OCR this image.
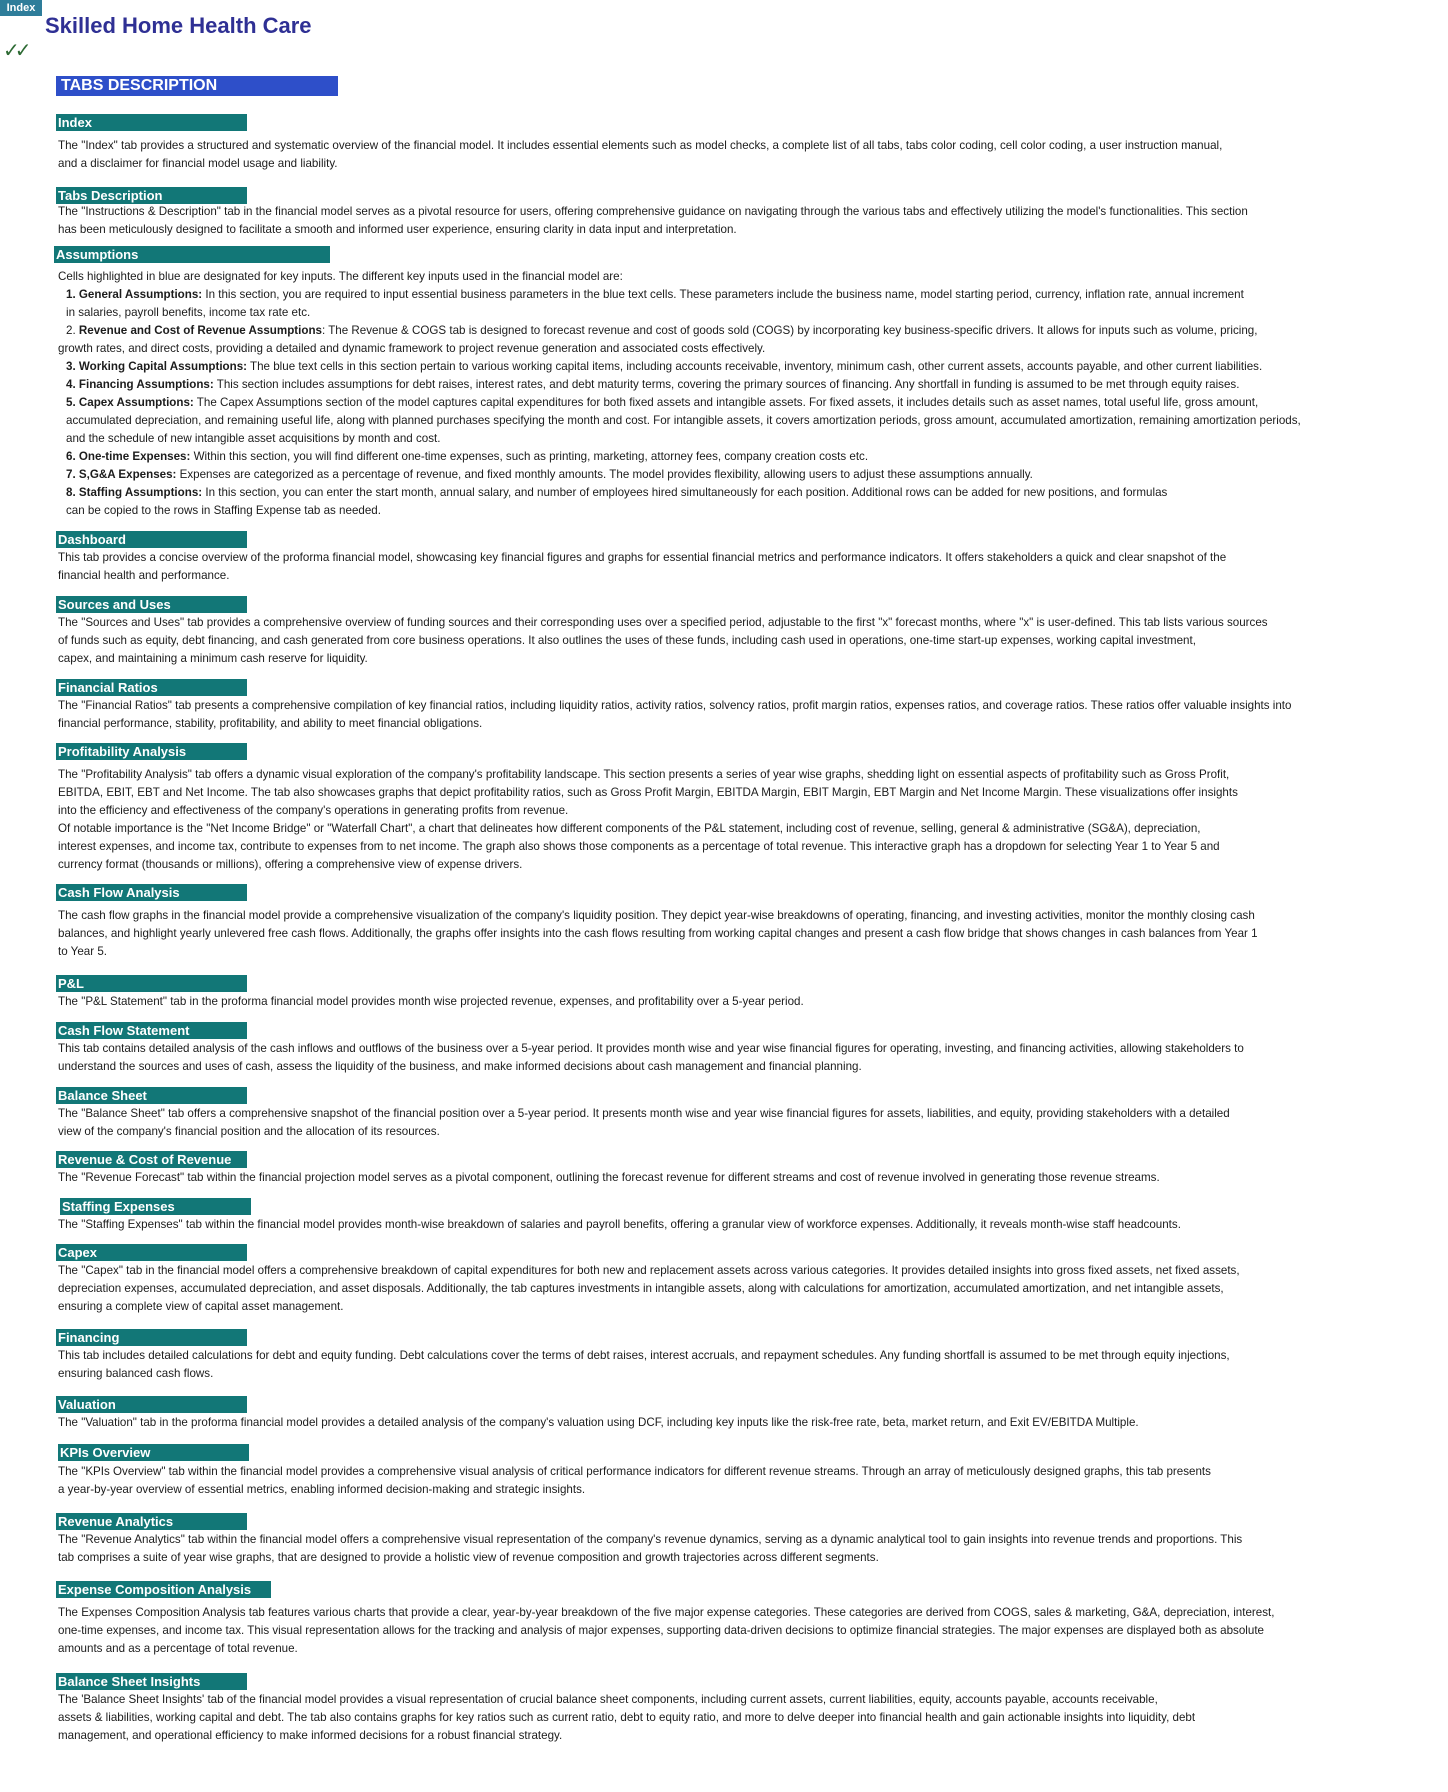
Index
✓✓
Skilled Home Health Care
TABS DESCRIPTION
Index

The "Index" tab provides a structured and systematic overview of the financial model. It includes essential elements such as model checks, a complete list of all tabs, tabs color coding, cell color coding, a user instruction manual,

and a disclaimer for financial model usage and liability.

Tabs Description

The "Instructions & Description" tab in the financial model serves as a pivotal resource for users, offering comprehensive guidance on navigating through the various tabs and effectively utilizing the model's functionalities. This section

has been meticulously designed to facilitate a smooth and informed user experience, ensuring clarity in data input and interpretation.

Assumptions

Cells highlighted in blue are designated for key inputs. The different key inputs used in the financial model are:

1. General Assumptions: In this section, you are required to input essential business parameters in the blue text cells. These parameters include the business name, model starting period, currency, inflation rate, annual increment

in salaries, payroll benefits, income tax rate etc.

2. Revenue and Cost of Revenue Assumptions: The Revenue & COGS tab is designed to forecast revenue and cost of goods sold (COGS) by incorporating key business-specific drivers. It allows for inputs such as volume, pricing,

growth rates, and direct costs, providing a detailed and dynamic framework to project revenue generation and associated costs effectively.

3. Working Capital Assumptions: The blue text cells in this section pertain to various working capital items, including accounts receivable, inventory, minimum cash, other current assets, accounts payable, and other current liabilities.

4. Financing Assumptions: This section includes assumptions for debt raises, interest rates, and debt maturity terms, covering the primary sources of financing. Any shortfall in funding is assumed to be met through equity raises.

5. Capex Assumptions: The Capex Assumptions section of the model captures capital expenditures for both fixed assets and intangible assets. For fixed assets, it includes details such as asset names, total useful life, gross amount,

accumulated depreciation, and remaining useful life, along with planned purchases specifying the month and cost. For intangible assets, it covers amortization periods, gross amount, accumulated amortization, remaining amortization periods,

and the schedule of new intangible asset acquisitions by month and cost.

6. One-time Expenses: Within this section, you will find different one-time expenses, such as printing, marketing, attorney fees, company creation costs etc.

7. S,G&A Expenses: Expenses are categorized as a percentage of revenue, and fixed monthly amounts. The model provides flexibility, allowing users to adjust these assumptions annually.

8. Staffing Assumptions: In this section, you can enter the start month, annual salary, and number of employees hired simultaneously for each position. Additional rows can be added for new positions, and formulas

can be copied to the rows in Staffing Expense tab as needed.

Dashboard

This tab provides a concise overview of the proforma financial model, showcasing key financial figures and graphs for essential financial metrics and performance indicators. It offers stakeholders a quick and clear snapshot of the

financial health and performance.

Sources and Uses

The "Sources and Uses" tab provides a comprehensive overview of funding sources and their corresponding uses over a specified period, adjustable to the first "x" forecast months, where "x" is user-defined. This tab lists various sources

of funds such as equity, debt financing, and cash generated from core business operations. It also outlines the uses of these funds, including cash used in operations, one-time start-up expenses, working capital investment,

capex, and maintaining a minimum cash reserve for liquidity.

Financial Ratios

The "Financial Ratios" tab presents a comprehensive compilation of key financial ratios, including liquidity ratios, activity ratios, solvency ratios, profit margin ratios, expenses ratios, and coverage ratios. These ratios offer valuable insights into

financial performance, stability, profitability, and ability to meet financial obligations.

Profitability Analysis

The "Profitability Analysis" tab offers a dynamic visual exploration of the company's profitability landscape. This section presents a series of year wise graphs, shedding light on essential aspects of profitability such as Gross Profit,

EBITDA, EBIT, EBT and Net Income. The tab also showcases graphs that depict profitability ratios, such as Gross Profit Margin, EBITDA Margin, EBIT Margin, EBT Margin and Net Income Margin. These visualizations offer insights

into the efficiency and effectiveness of the company's operations in generating profits from revenue.

Of notable importance is the "Net Income Bridge" or "Waterfall Chart", a chart that delineates how different components of the P&L statement, including cost of revenue, selling, general & administrative (SG&A), depreciation,

interest expenses, and income tax, contribute to expenses from to net income. The graph also shows those components as a percentage of total revenue. This interactive graph has a dropdown for selecting Year 1 to Year 5 and

currency format (thousands or millions), offering a comprehensive view of expense drivers.

Cash Flow Analysis

The cash flow graphs in the financial model provide a comprehensive visualization of the company's liquidity position. They depict year-wise breakdowns of operating, financing, and investing activities, monitor the monthly closing cash

balances, and highlight yearly unlevered free cash flows. Additionally, the graphs offer insights into the cash flows resulting from working capital changes and present a cash flow bridge that shows changes in cash balances from Year 1

to Year 5.

P&L

The "P&L Statement" tab in the proforma financial model provides month wise projected revenue, expenses, and profitability over a 5-year period.

Cash Flow Statement

This tab contains detailed analysis of the cash inflows and outflows of the business over a 5-year period. It provides month wise and year wise financial figures for operating, investing, and financing activities, allowing stakeholders to

understand the sources and uses of cash, assess the liquidity of the business, and make informed decisions about cash management and financial planning.

Balance Sheet

The "Balance Sheet" tab offers a comprehensive snapshot of the financial position over a 5-year period. It presents month wise and year wise financial figures for assets, liabilities, and equity, providing stakeholders with a detailed

view of the company's financial position and the allocation of its resources.

Revenue & Cost of Revenue

The "Revenue Forecast" tab within the financial projection model serves as a pivotal component, outlining the forecast revenue for different streams and cost of revenue involved in generating those revenue streams.

Staffing Expenses

The "Staffing Expenses" tab within the financial model provides month-wise breakdown of salaries and payroll benefits, offering a granular view of workforce expenses. Additionally, it reveals month-wise staff headcounts.

Capex

The "Capex" tab in the financial model offers a comprehensive breakdown of capital expenditures for both new and replacement assets across various categories. It provides detailed insights into gross fixed assets, net fixed assets,

depreciation expenses, accumulated depreciation, and asset disposals. Additionally, the tab captures investments in intangible assets, along with calculations for amortization, accumulated amortization, and net intangible assets,

ensuring a complete view of capital asset management.

Financing

This tab includes detailed calculations for debt and equity funding. Debt calculations cover the terms of debt raises, interest accruals, and repayment schedules. Any funding shortfall is assumed to be met through equity injections,

ensuring balanced cash flows.

Valuation

The "Valuation" tab in the proforma financial model provides a detailed analysis of the company's valuation using DCF, including key inputs like the risk-free rate, beta, market return, and Exit EV/EBITDA Multiple.

KPIs Overview

The "KPIs Overview" tab within the financial model provides a comprehensive visual analysis of critical performance indicators for different revenue streams. Through an array of meticulously designed graphs, this tab presents

a year-by-year overview of essential metrics, enabling informed decision-making and strategic insights.

Revenue Analytics

The "Revenue Analytics" tab within the financial model offers a comprehensive visual representation of the company's revenue dynamics, serving as a dynamic analytical tool to gain insights into revenue trends and proportions. This

tab comprises a suite of year wise graphs, that are designed to provide a holistic view of revenue composition and growth trajectories across different segments.

Expense Composition Analysis

The Expenses Composition Analysis tab features various charts that provide a clear, year-by-year breakdown of the five major expense categories. These categories are derived from COGS, sales & marketing, G&A, depreciation, interest,

one-time expenses, and income tax. This visual representation allows for the tracking and analysis of major expenses, supporting data-driven decisions to optimize financial strategies. The major expenses are displayed both as absolute

amounts and as a percentage of total revenue.

Balance Sheet Insights

The 'Balance Sheet Insights' tab of the financial model provides a visual representation of crucial balance sheet components, including current assets, current liabilities, equity, accounts payable, accounts receivable,

assets & liabilities, working capital and debt. The tab also contains graphs for key ratios such as current ratio, debt to equity ratio, and more to delve deeper into financial health and gain actionable insights into liquidity, debt

management, and operational efficiency to make informed decisions for a robust financial strategy.
